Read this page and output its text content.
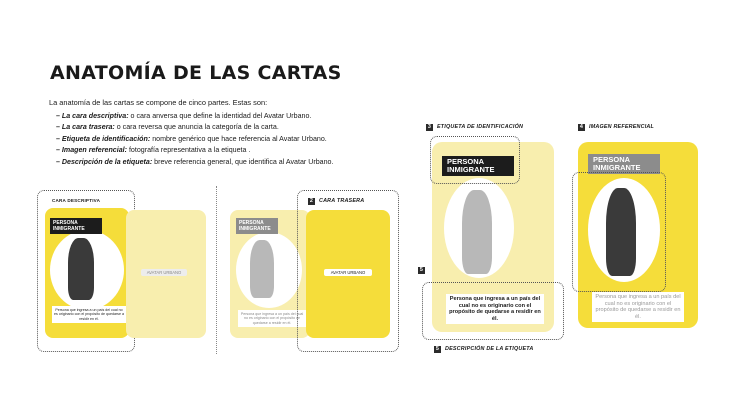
ANATOMÍA DE LAS CARTAS
La anatomía de las cartas se compone de cinco partes. Estas son:
– La cara descriptiva: o cara anversa que define la identidad del Avatar Urbano.
– La cara trasera: o cara reversa que anuncia la categoría de la carta.
– Etiqueta de identificación: nombre genérico que hace referencia al Avatar Urbano.
– Imagen referencial: fotografía representativa a la etiqueta .
– Descripción de la etiqueta: breve referencia general, que identifica al Avatar Urbano.
PERSONA
INMIGRANTE
Persona que ingresa a un país del cual no es originario con el propósito de quedarse a residir en él.
CARA DESCRIPTIVA
AVATAR URBANO
PERSONA
INMIGRANTE
Persona que ingresa a un país del cual no es originario con el propósito de quedarse a residir en él.
AVATAR URBANO
2 CARA TRASERA
PERSONA
INMIGRANTE
3 ETIQUETA DE IDENTIFICACIÓN
Persona que ingresa a un país del cual no es originario con el propósito de quedarse a residir en él.
5
5 DESCRIPCIÓN DE LA ETIQUETA
PERSONA
INMIGRANTE
Persona que ingresa a un país del cual no es originario con el propósito de quedarse a residir en él.
4 IMAGEN REFERENCIAL
